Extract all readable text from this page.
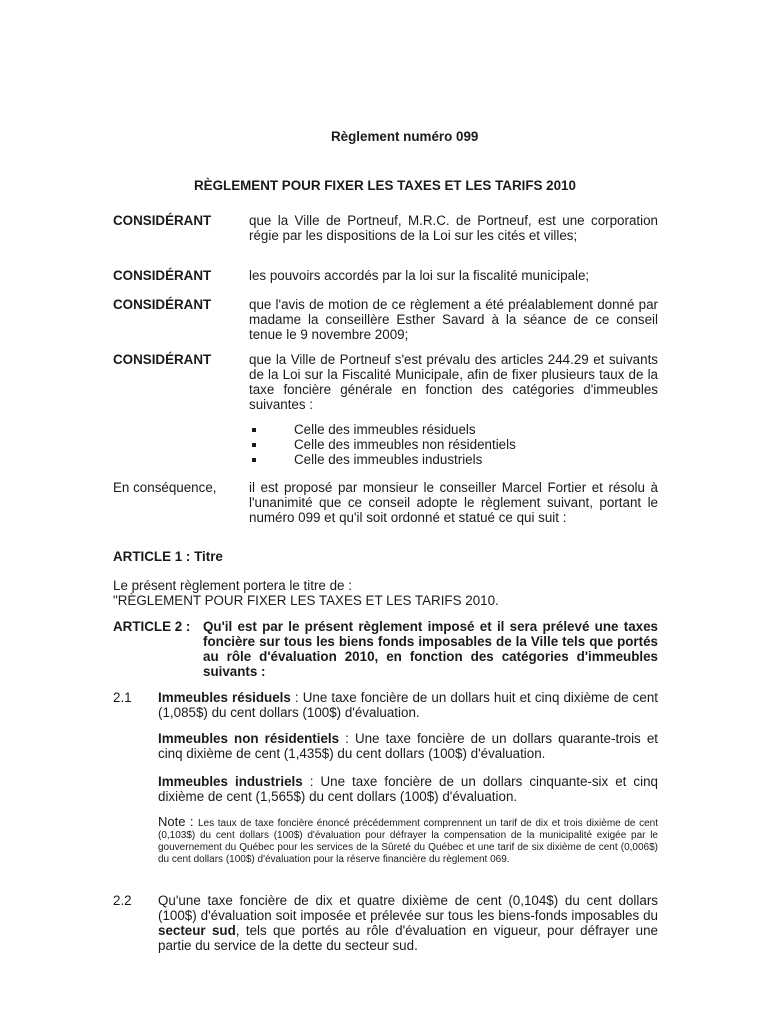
Règlement numéro 099
RÈGLEMENT POUR FIXER LES TAXES ET LES TARIFS 2010
CONSIDÉRANT	que la Ville de Portneuf, M.R.C. de Portneuf, est une corporation régie par les dispositions de la Loi sur les cités et villes;
CONSIDÉRANT	les pouvoirs accordés par la loi sur la fiscalité municipale;
CONSIDÉRANT	que l'avis de motion de ce règlement a été préalablement donné par madame la conseillère Esther Savard à la séance de ce conseil tenue le 9 novembre 2009;
CONSIDÉRANT	que la Ville de Portneuf s'est prévalu des articles 244.29 et suivants de la Loi sur la Fiscalité Municipale, afin de fixer plusieurs taux de la taxe foncière générale en fonction des catégories d'immeubles suivantes :
Celle des immeubles résiduels
Celle des immeubles non résidentiels
Celle des immeubles industriels
En conséquence, il est proposé par monsieur le conseiller Marcel Fortier et résolu à l'unanimité que ce conseil adopte le règlement suivant, portant le numéro 099 et qu'il soit ordonné et statué ce qui suit :
ARTICLE 1 : Titre
Le présent règlement portera le titre de :
"RÈGLEMENT POUR FIXER LES TAXES ET LES TARIFS 2010.
ARTICLE 2 : Qu'il est par le présent règlement imposé et il sera prélevé une taxes foncière sur tous les biens fonds imposables de la Ville tels que portés au rôle d'évaluation 2010, en fonction des catégories d'immeubles suivants :
2.1 Immeubles résiduels : Une taxe foncière de un dollars huit et cinq dixième de cent (1,085$) du cent dollars (100$) d'évaluation.
Immeubles non résidentiels : Une taxe foncière de un dollars quarante-trois et cinq dixième de cent (1,435$) du cent dollars (100$) d'évaluation.
Immeubles industriels : Une taxe foncière de un dollars cinquante-six et cinq dixième de cent (1,565$) du cent dollars (100$) d'évaluation.
Note : Les taux de taxe foncière énoncé précédemment comprennent un tarif de dix et trois dixième de cent (0,103$) du cent dollars (100$) d'évaluation pour défrayer la compensation de la municipalité exigée par le gouvernement du Québec pour les services de la Sûreté du Québec et une tarif de six dixième de cent (0,006$) du cent dollars (100$) d'évaluation pour la réserve financière du règlement 069.
2.2 Qu'une taxe foncière de dix et quatre dixième de cent (0,104$) du cent dollars (100$) d'évaluation soit imposée et prélevée sur tous les biens-fonds imposables du secteur sud, tels que portés au rôle d'évaluation en vigueur, pour défrayer une partie du service de la dette du secteur sud.
